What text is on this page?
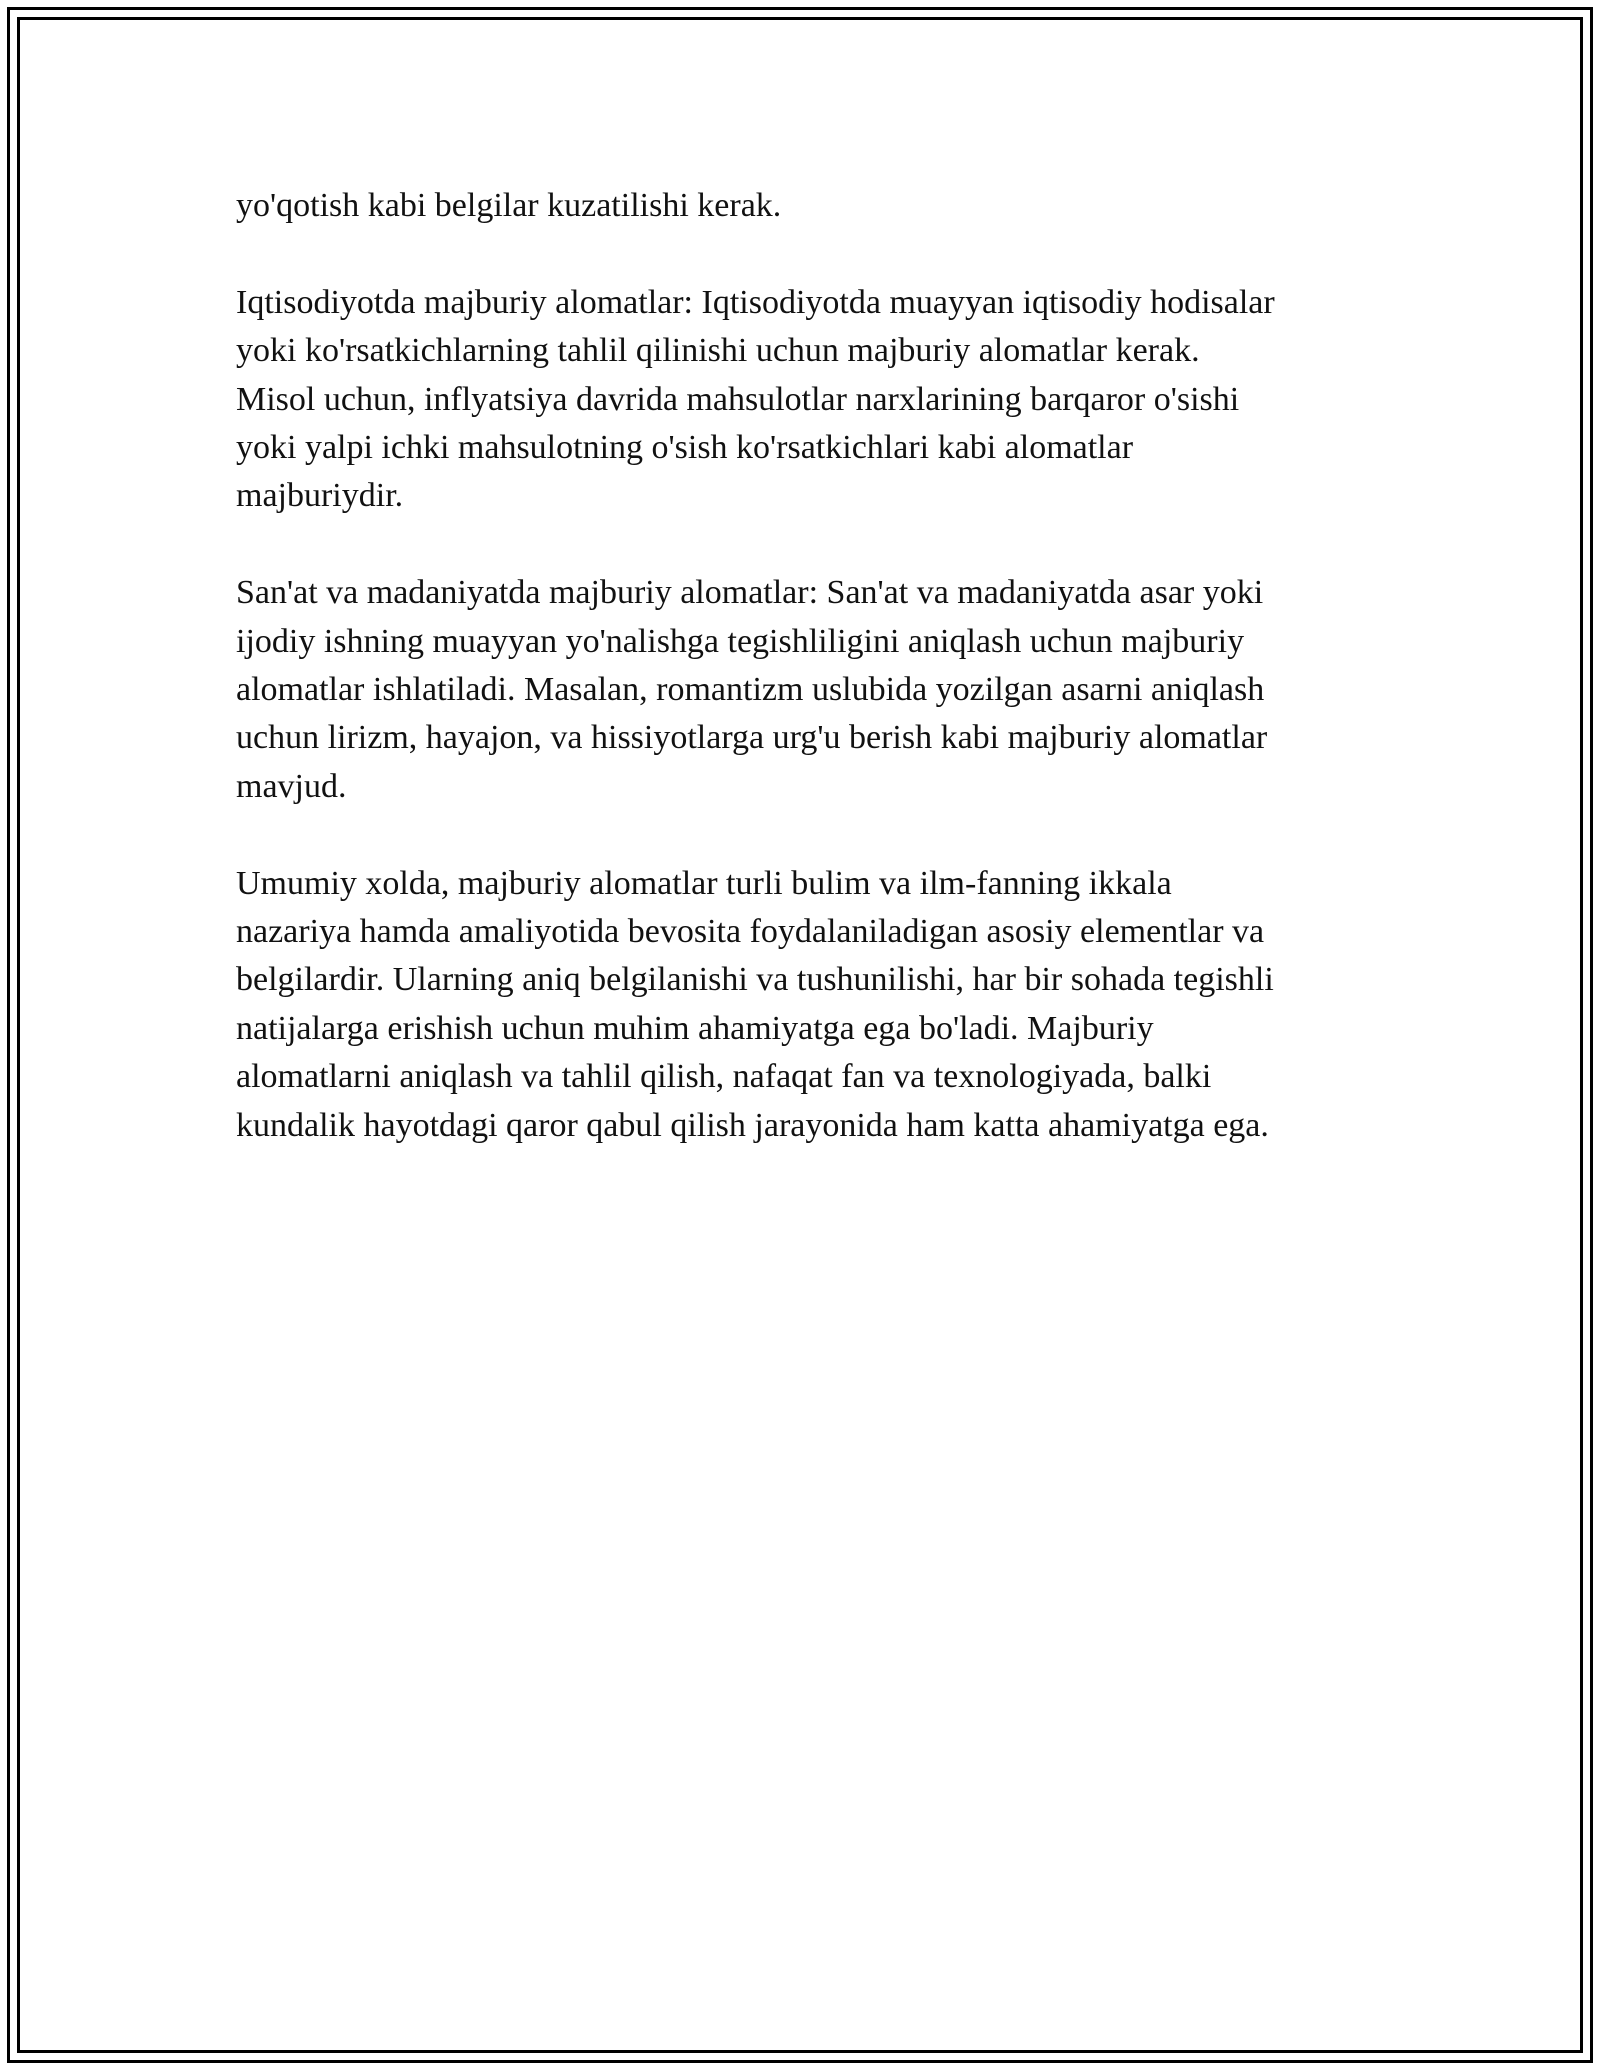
yo'qotish kabi belgilar kuzatilishi kerak.

Iqtisodiyotda majburiy alomatlar: Iqtisodiyotda muayyan iqtisodiy hodisalar
yoki ko'rsatkichlarning tahlil qilinishi uchun majburiy alomatlar kerak.
Misol uchun, inflyatsiya davrida mahsulotlar narxlarining barqaror o'sishi
yoki yalpi ichki mahsulotning o'sish ko'rsatkichlari kabi alomatlar
majburiydir.

San'at va madaniyatda majburiy alomatlar: San'at va madaniyatda asar yoki
ijodiy ishning muayyan yo'nalishga tegishliligini aniqlash uchun majburiy
alomatlar ishlatiladi. Masalan, romantizm uslubida yozilgan asarni aniqlash
uchun lirizm, hayajon, va hissiyotlarga urg'u berish kabi majburiy alomatlar
mavjud.

Umumiy xolda, majburiy alomatlar turli bulim va ilm-fanning ikkala
nazariya hamda amaliyotida bevosita foydalaniladigan asosiy elementlar va
belgilardir. Ularning aniq belgilanishi va tushunilishi, har bir sohada tegishli
natijalarga erishish uchun muhim ahamiyatga ega bo'ladi. Majburiy
alomatlarni aniqlash va tahlil qilish, nafaqat fan va texnologiyada, balki
kundalik hayotdagi qaror qabul qilish jarayonida ham katta ahamiyatga ega.
